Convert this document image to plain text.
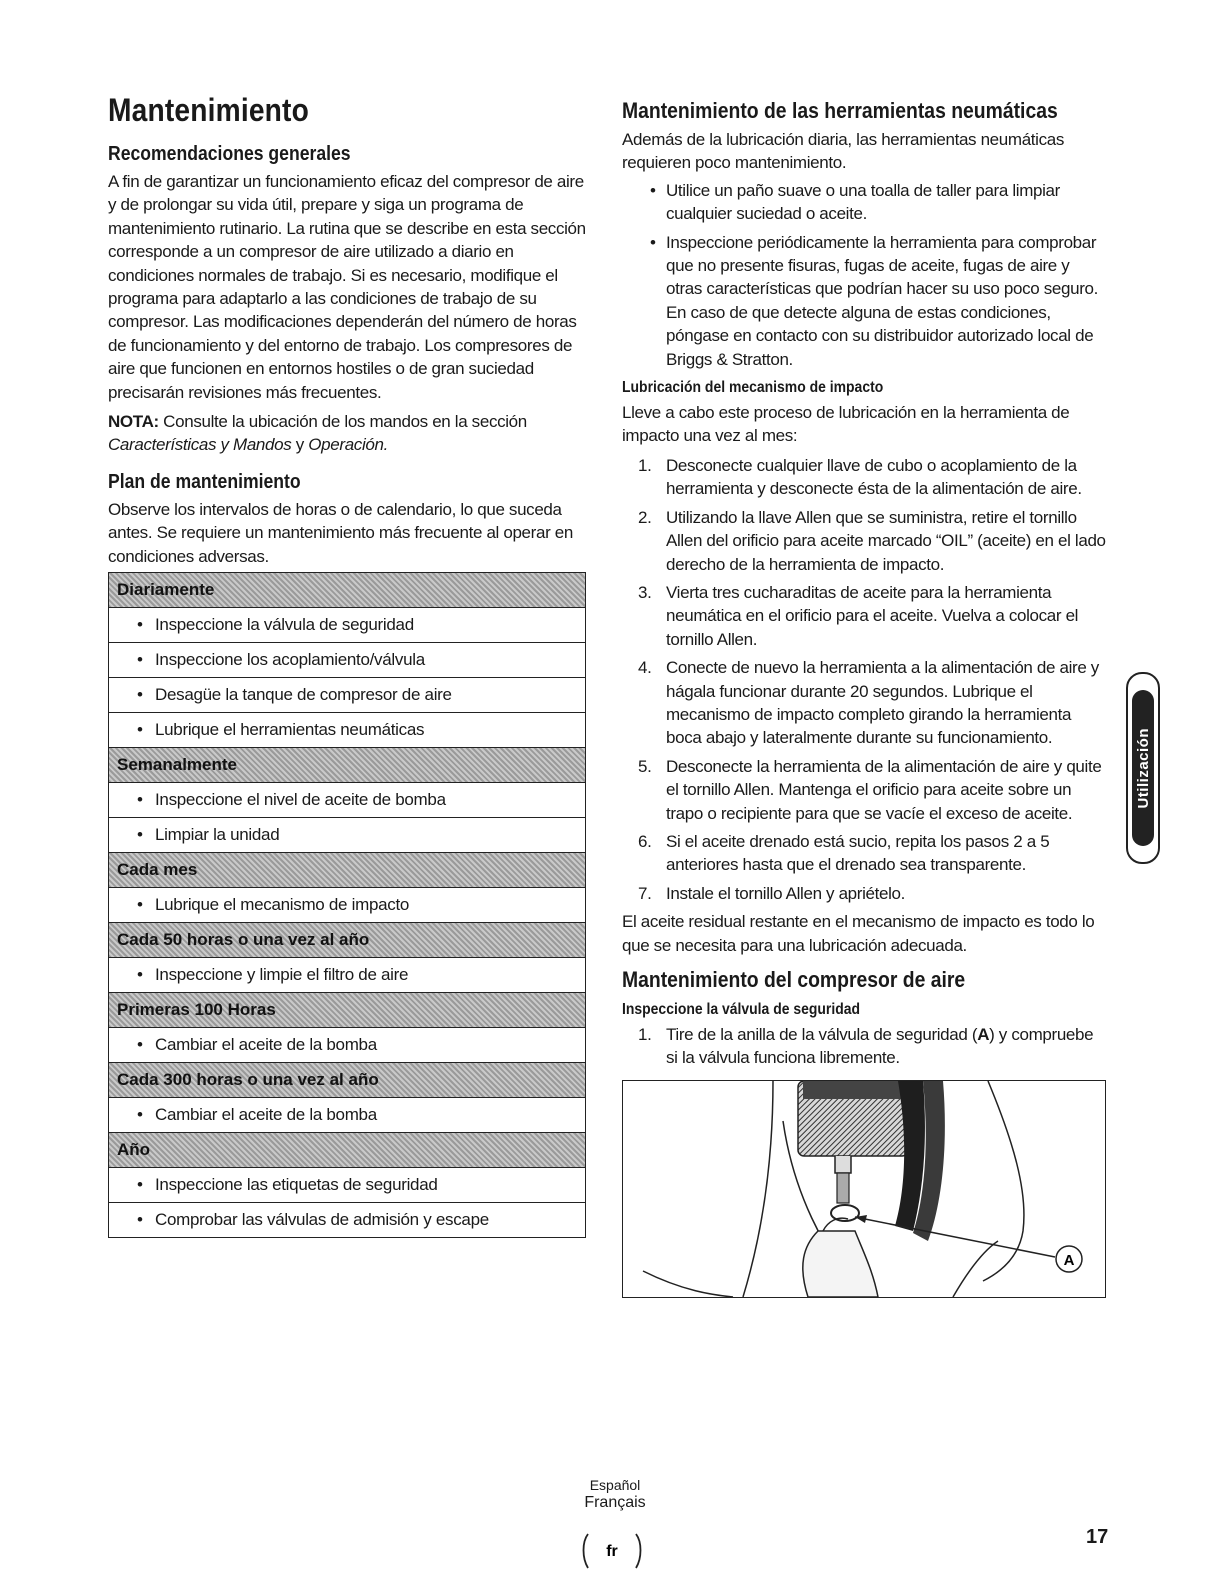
Mantenimiento
Recomendaciones generales

A fin de garantizar un funcionamiento eficaz del compresor de aire y de prolongar su vida útil, prepare y siga un programa de mantenimiento rutinario. La rutina que se describe en esta sección corresponde a un compresor de aire utilizado a diario en condiciones normales de trabajo. Si es necesario, modifique el programa para adaptarlo a las condiciones de trabajo de su compresor. Las modificaciones dependerán del número de horas de funcionamiento y del entorno de trabajo. Los compresores de aire que funcionen en entornos hostiles o de gran suciedad precisarán revisiones más frecuentes.

NOTA: Consulte la ubicación de los mandos en la sección Características y Mandos y Operación.

Plan de mantenimiento

Observe los intervalos de horas o de calendario, lo que suceda antes. Se requiere un mantenimiento más frecuente al operar en condiciones adversas.

Diariamente
• Inspeccione la válvula de seguridad
• Inspeccione los acoplamiento/válvula
• Desagüe la tanque de compresor de aire
• Lubrique el herramientas neumáticas
Semanalmente
• Inspeccione el nivel de aceite de bomba
• Limpiar la unidad
Cada mes
• Lubrique el mecanismo de impacto
Cada 50 horas o una vez al año
• Inspeccione y limpie el filtro de aire
Primeras 100 Horas
• Cambiar el aceite de la bomba
Cada 300 horas o una vez al año
• Cambiar el aceite de la bomba
Año
• Inspeccione las etiquetas de seguridad
• Comprobar las válvulas de admisión y escape
Mantenimiento de las herramientas neumáticas

Además de la lubricación diaria, las herramientas neumáticas requieren poco mantenimiento.

• Utilice un paño suave o una toalla de taller para limpiar cualquier suciedad o aceite.
• Inspeccione periódicamente la herramienta para comprobar que no presente fisuras, fugas de aceite, fugas de aire y otras características que podrían hacer su uso poco seguro. En caso de que detecte alguna de estas condiciones, póngase en contacto con su distribuidor autorizado local de Briggs & Stratton.
Lubricación del mecanismo de impacto

Lleve a cabo este proceso de lubricación en la herramienta de impacto una vez al mes:

1. Desconecte cualquier llave de cubo o acoplamiento de la herramienta y desconecte ésta de la alimentación de aire.
2. Utilizando la llave Allen que se suministra, retire el tornillo Allen del orificio para aceite marcado “OIL” (aceite) en el lado derecho de la herramienta de impacto.
3. Vierta tres cucharaditas de aceite para la herramienta neumática en el orificio para el aceite. Vuelva a colocar el tornillo Allen.
4. Conecte de nuevo la herramienta a la alimentación de aire y hágala funcionar durante 20 segundos. Lubrique el mecanismo de impacto completo girando la herramienta boca abajo y lateralmente durante su funcionamiento.
5. Desconecte la herramienta de la alimentación de aire y quite el tornillo Allen. Mantenga el orificio para aceite sobre un trapo o recipiente para que se vacíe el exceso de aceite.
6. Si el aceite drenado está sucio, repita los pasos 2 a 5 anteriores hasta que el drenado sea transparente.
7. Instale el tornillo Allen y apriételo.

El aceite residual restante en el mecanismo de impacto es todo lo que se necesita para una lubricación adecuada.

Mantenimiento del compresor de aire
Inspeccione la válvula de seguridad
1. Tire de la anilla de la válvula de seguridad (A) y compruebe si la válvula funciona libremente.
A
Utilización
Español
Français
fr
17
